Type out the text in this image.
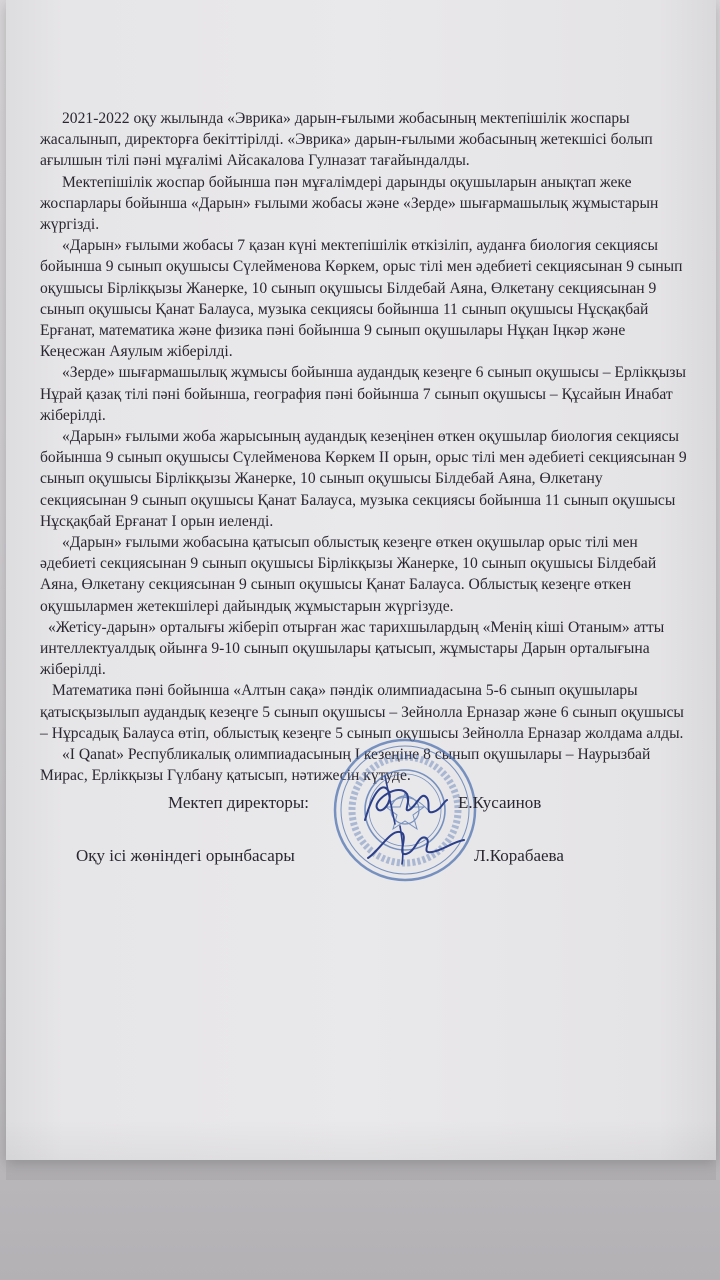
2021-2022 оқу жылында «Эврика» дарын-ғылыми жобасының мектепішілік жоспары жасалынып, директорға бекіттірілді. «Эврика» дарын-ғылыми жобасының жетекшісі болып ағылшын тілі пәні мұғалімі Айсакалова Гулназат тағайындалды.

Мектепішілік жоспар бойынша пән мұғалімдері дарынды оқушыларын анықтап жеке жоспарлары бойынша «Дарын» ғылыми жобасы және «Зерде» шығармашылық жұмыстарын жүргізді.

«Дарын» ғылыми жобасы 7 қазан күні мектепішілік өткізіліп, ауданға биология секциясы бойынша 9 сынып оқушысы Сүлейменова Көркем, орыс тілі мен әдебиеті секциясынан 9 сынып оқушысы Бірлікқызы Жанерке, 10 сынып оқушысы Білдебай Аяна, Өлкетану секциясынан 9 сынып оқушысы Қанат Балауса, музыка секциясы бойынша 11 сынып оқушысы Нұсқақбай Ерғанат, математика және физика пәні бойынша 9 сынып оқушылары Нұқан Іңкәр және Кеңесжан Аяулым жіберілді.

«Зерде» шығармашылық жұмысы бойынша аудандық кезеңге 6 сынып оқушысы – Ерлікқызы Нұрай қазақ тілі пәні бойынша, география пәні бойынша 7 сынып оқушысы – Құсайын Инабат жіберілді.

«Дарын» ғылыми жоба жарысының аудандық кезеңінен өткен оқушылар биология секциясы бойынша 9 сынып оқушысы Сүлейменова Көркем ІІ орын, орыс тілі мен әдебиеті секциясынан 9 сынып оқушысы Бірлікқызы Жанерке, 10 сынып оқушысы Білдебай Аяна, Өлкетану секциясынан 9 сынып оқушысы Қанат Балауса, музыка секциясы бойынша 11 сынып оқушысы Нұсқақбай Ерғанат І орын иеленді.

«Дарын» ғылыми жобасына қатысып облыстық кезеңге өткен оқушылар орыс тілі мен әдебиеті секциясынан 9 сынып оқушысы Бірлікқызы Жанерке, 10 сынып оқушысы Білдебай Аяна, Өлкетану секциясынан 9 сынып оқушысы Қанат Балауса. Облыстық кезеңге өткен оқушылармен жетекшілері дайындық жұмыстарын жүргізуде.

«Жетісу-дарын» орталығы жіберіп отырған жас тарихшылардың «Менің кіші Отаным» атты интеллектуалдық ойынға 9-10 сынып оқушылары қатысып, жұмыстары Дарын орталығына жіберілді.

Математика пәні бойынша «Алтын сақа» пәндік олимпиадасына 5-6 сынып оқушылары қатысқызылып аудандық кезеңге 5 сынып оқушысы – Зейнолла Ерназар және 6 сынып оқушысы – Нұрсадық Балауса өтіп, облыстық кезеңге 5 сынып оқушысы Зейнолла Ерназар жолдама алды.

«І Qanat» Республикалық олимпиадасының І кезеңіне 8 сынып оқушылары – Наурызбай Мирас, Ерлікқызы Гүлбану қатысып, нәтижесін күтуде.

Мектеп директоры:	Е.Кусаинов
Оқу ісі жөніндегі орынбасары	Л.Корабаева
